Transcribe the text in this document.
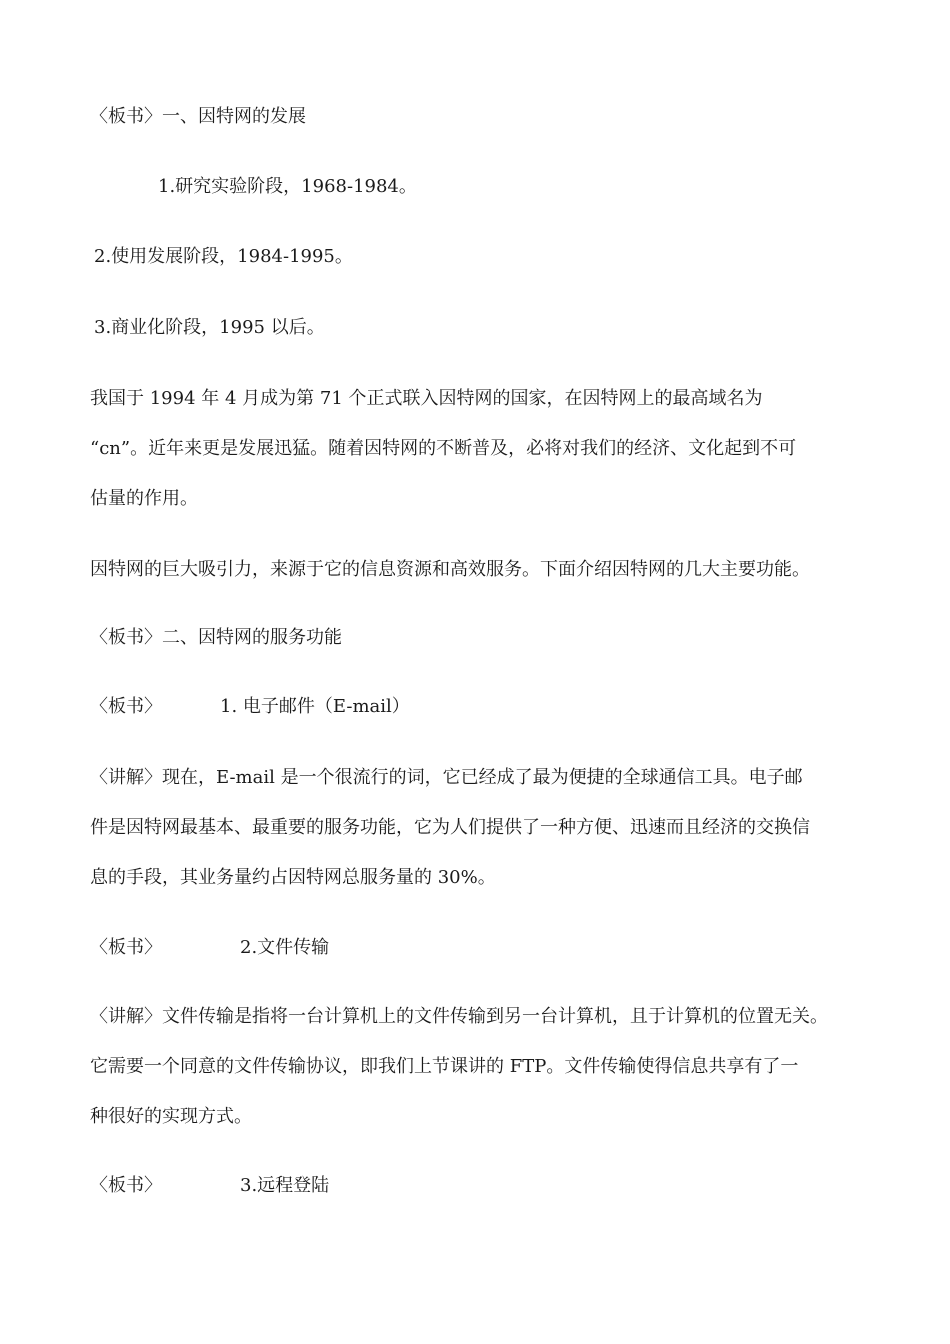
〈板书〉一、因特网的发展
1.研究实验阶段，1968-1984。
2.使用发展阶段，1984-1995。
3.商业化阶段，1995 以后。
我国于 1994 年 4 月成为第 71 个正式联入因特网的国家，在因特网上的最高域名为
“cn”。近年来更是发展迅猛。随着因特网的不断普及，必将对我们的经济、文化起到不可
估量的作用。
因特网的巨大吸引力，来源于它的信息资源和高效服务。下面介绍因特网的几大主要功能。
〈板书〉二、因特网的服务功能
〈板书〉	1. 电子邮件（E-mail）
〈讲解〉现在，E-mail 是一个很流行的词，它已经成了最为便捷的全球通信工具。电子邮
件是因特网最基本、最重要的服务功能，它为人们提供了一种方便、迅速而且经济的交换信
息的手段，其业务量约占因特网总服务量的 30%。
〈板书〉	2.文件传输
〈讲解〉文件传输是指将一台计算机上的文件传输到另一台计算机，且于计算机的位置无关。
它需要一个同意的文件传输协议，即我们上节课讲的 FTP。文件传输使得信息共享有了一
种很好的实现方式。
〈板书〉	3.远程登陆
